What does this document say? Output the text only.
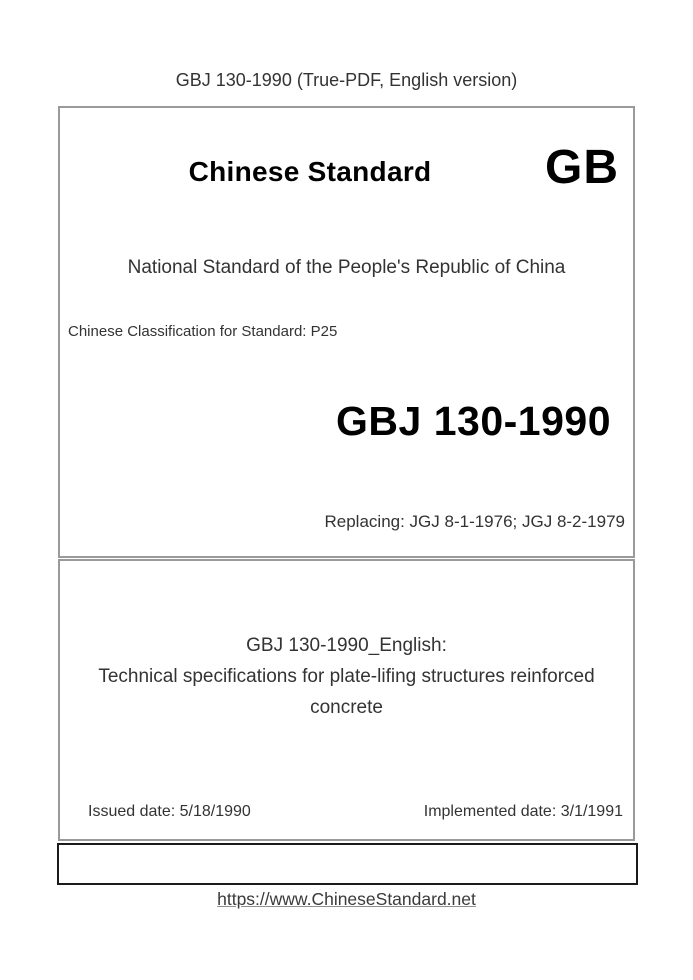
GBJ 130-1990 (True-PDF, English version)
Chinese Standard	GB
National Standard of the People's Republic of China
Chinese Classification for Standard: P25
GBJ 130-1990
Replacing: JGJ 8-1-1976; JGJ 8-2-1979
GBJ 130-1990_English:
Technical specifications for plate-lifing structures reinforced concrete
Issued date: 5/18/1990	Implemented date: 3/1/1991
https://www.ChineseStandard.net
